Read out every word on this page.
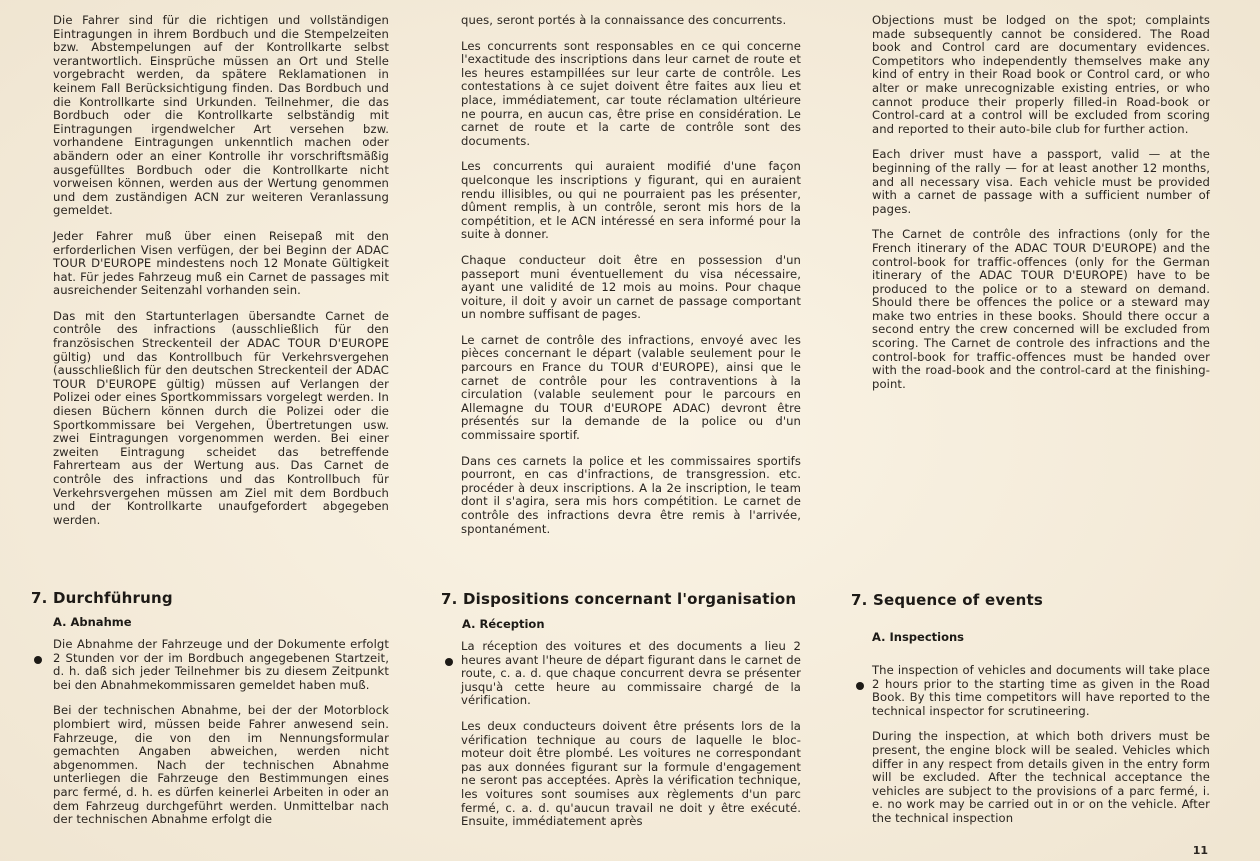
Die Fahrer sind für die richtigen und vollständigen Eintragungen in ihrem Bordbuch und die Stempelzeiten bzw. Abstempelungen auf der Kontrollkarte selbst verantwortlich. Einsprüche müssen an Ort und Stelle vorgebracht werden, da spätere Reklamationen in keinem Fall Berücksichtigung finden. Das Bordbuch und die Kontrollkarte sind Urkunden. Teilnehmer, die das Bordbuch oder die Kontrollkarte selbständig mit Eintragungen irgendwelcher Art versehen bzw. vorhandene Eintragungen unkenntlich machen oder abändern oder an einer Kontrolle ihr vorschriftsmäßig ausgefülltes Bordbuch oder die Kontrollkarte nicht vorweisen können, werden aus der Wertung genommen und dem zuständigen ACN zur weiteren Veranlassung gemeldet.

Jeder Fahrer muß über einen Reisepaß mit den erforderlichen Visen verfügen, der bei Beginn der ADAC TOUR D'EUROPE mindestens noch 12 Monate Gültigkeit hat. Für jedes Fahrzeug muß ein Carnet de passages mit ausreichender Seitenzahl vorhanden sein.

Das mit den Startunterlagen übersandte Carnet de contrôle des infractions (ausschließlich für den französischen Streckenteil der ADAC TOUR D'EUROPE gültig) und das Kontrollbuch für Verkehrsvergehen (ausschließlich für den deutschen Streckenteil der ADAC TOUR D'EUROPE gültig) müssen auf Verlangen der Polizei oder eines Sportkommissars vorgelegt werden. In diesen Büchern können durch die Polizei oder die Sportkommissare bei Vergehen, Übertretungen usw. zwei Eintragungen vorgenommen werden. Bei einer zweiten Eintragung scheidet das betreffende Fahrerteam aus der Wertung aus. Das Carnet de contrôle des infractions und das Kontrollbuch für Verkehrsvergehen müssen am Ziel mit dem Bordbuch und der Kontrollkarte unaufgefordert abgegeben werden.

ques, seront portés à la connaissance des concurrents.

Les concurrents sont responsables en ce qui concerne l'exactitude des inscriptions dans leur carnet de route et les heures estampillées sur leur carte de contrôle. Les contestations à ce sujet doivent être faites aux lieu et place, immédiatement, car toute réclamation ultérieure ne pourra, en aucun cas, être prise en considération. Le carnet de route et la carte de contrôle sont des documents.

Les concurrents qui auraient modifié d'une façon quelconque les inscriptions y figurant, qui en auraient rendu illisibles, ou qui ne pourraient pas les présenter, dûment remplis, à un contrôle, seront mis hors de la compétition, et le ACN intéressé en sera informé pour la suite à donner.

Chaque conducteur doit être en possession d'un passeport muni éventuellement du visa nécessaire, ayant une validité de 12 mois au moins. Pour chaque voiture, il doit y avoir un carnet de passage comportant un nombre suffisant de pages.

Le carnet de contrôle des infractions, envoyé avec les pièces concernant le départ (valable seulement pour le parcours en France du TOUR d'EUROPE), ainsi que le carnet de contrôle pour les contraventions à la circulation (valable seulement pour le parcours en Allemagne du TOUR d'EUROPE ADAC) devront être présentés sur la demande de la police ou d'un commissaire sportif.

Dans ces carnets la police et les commissaires sportifs pourront, en cas d'infractions, de transgression. etc. procéder à deux inscriptions. A la 2e inscription, le team dont il s'agira, sera mis hors compétition. Le carnet de contrôle des infractions devra être remis à l'arrivée, spontanément.

Objections must be lodged on the spot; complaints made subsequently cannot be considered. The Road book and Control card are documentary evidences. Competitors who independently themselves make any kind of entry in their Road book or Control card, or who alter or make unrecognizable existing entries, or who cannot produce their properly filled-in Road-book or Control-card at a control will be excluded from scoring and reported to their auto-bile club for further action.

Each driver must have a passport, valid — at the beginning of the rally — for at least another 12 months, and all necessary visa. Each vehicle must be provided with a carnet de passage with a sufficient number of pages.

The Carnet de contrôle des infractions (only for the French itinerary of the ADAC TOUR D'EUROPE) and the control-book for traffic-offences (only for the German itinerary of the ADAC TOUR D'EUROPE) have to be produced to the police or to a steward on demand. Should there be offences the police or a steward may make two entries in these books. Should there occur a second entry the crew concerned will be excluded from scoring. The Carnet de controle des infractions and the control-book for traffic-offences must be handed over with the road-book and the control-card at the finishing-point.

7. Durchführung	7. Dispositions concernant l'organisation	7. Sequence of events
A. Abnahme	A. Réception
A. Inspections

Die Abnahme der Fahrzeuge und der Dokumente erfolgt 2 Stunden vor der im Bordbuch angegebenen Startzeit, d. h. daß sich jeder Teilnehmer bis zu diesem Zeitpunkt bei den Abnahmekommissaren gemeldet haben muß.

Bei der technischen Abnahme, bei der der Motorblock plombiert wird, müssen beide Fahrer anwesend sein. Fahrzeuge, die von den im Nennungsformular gemachten Angaben abweichen, werden nicht abgenommen. Nach der technischen Abnahme unterliegen die Fahrzeuge den Bestimmungen eines parc fermé, d. h. es dürfen keinerlei Arbeiten in oder an dem Fahrzeug durchgeführt werden. Unmittelbar nach der technischen Abnahme erfolgt die

La réception des voitures et des documents a lieu 2 heures avant l'heure de départ figurant dans le carnet de route, c. a. d. que chaque concurrent devra se présenter jusqu'à cette heure au commissaire chargé de la vérification.

Les deux conducteurs doivent être présents lors de la vérification technique au cours de laquelle le bloc-moteur doit être plombé. Les voitures ne correspondant pas aux données figurant sur la formule d'engagement ne seront pas acceptées. Après la vérification technique, les voitures sont soumises aux règlements d'un parc fermé, c. a. d. qu'aucun travail ne doit y être exécuté. Ensuite, immédiatement après

The inspection of vehicles and documents will take place 2 hours prior to the starting time as given in the Road Book. By this time competitors will have reported to the technical inspector for scrutineering.

During the inspection, at which both drivers must be present, the engine block will be sealed. Vehicles which differ in any respect from details given in the entry form will be excluded. After the technical acceptance the vehicles are subject to the provisions of a parc fermé, i. e. no work may be carried out in or on the vehicle. After the technical inspection

11
